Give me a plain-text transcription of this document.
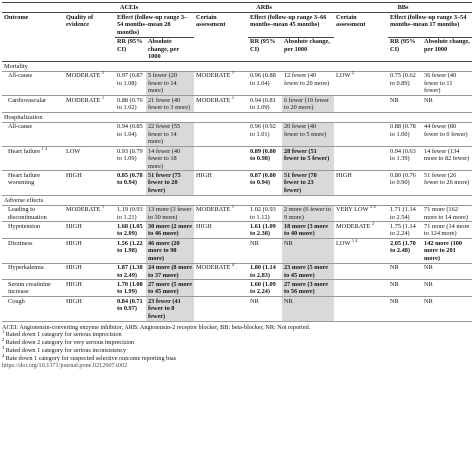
	ACEIs			ARBs			BBs		
Outcome	Quality of evidence	Effect (follow-up range 3–54 months–mean 28 months)		Certain assessment	Effect (follow-up range 3–66 months–mean 45 months)		Certain assessment	Effect (follow-up range 3–54 months–mean 17 months)	
		RR (95% CI)	Absolute change, per 1000		RR (95% CI)	Absolute change, per 1000		RR (95% CI)	Absolute change, per 1000
Mortality									
All-cause	MODERATE $^1$	0.97 (0.87 to 1.08)	5 fewer (20 fewer to 14 more)	MODERATE $^1$	0.96 (0.88 to 1.04)	12 fewer (40 fewer to 20 more)	LOW $^2$	0.75 (0.62 to 0.89)	36 fewer (40 fewer to 11 fewer)
Cardiovascular	MODERATE $^1$	0.88 (0.76 to 1.02)	21 fewer (40 fewer to 3 more)	MODERATE $^1$	0.94 (0.81 to 1.09)	6 fewer (19 fewer to 20 more)		NR	NR
Hospitalization									
All-cause		0.94 (0.85 to 1.04)	22 fewer (55 fewer to 14 more)		0.96 (0.92 to 1.01)	20 fewer (40 fewer to 5 more)		0.88 (0.78 to 1.00)	44 fewer (80 fewer to 0 fewer)
Heart failure $^{1 3}$	LOW	0.93 (0.79 to 1.09)	14 fewer (40 fewer to 18 more)		0.89 (0.80 to 0.98)	28 fewer (51 fewer to 5 fewer)		0.94 (0.63 to 1.39)	14 fewer (134 more to 82 fewer)
Heart failure worsening	HIGH	0.85 (0.78 to 0.94)	51 fewer (75 fewer to 20 fewer)	HIGH	0.87 (0.80 to 0.94)	51 fewer (78 fewer to 23 fewer)	HIGH	0.80 (0.76 to 0.90)	51 fewer (26 fewer to 26 more)
Adverse effects									
Leading to discontinuation	MODERATE $^1$	1.19 (0.93 to 1.21)	13 more (3 fewer to 30 more)	MODERATE $^1$	1.02 (0.93 to 1.12)	2 more (6 fewer to 9 more)	VERY LOW $^{2 4}$	1.71 (1.14 to 2.54)	71 more (162 more to 14 more)
Hypotension	HIGH	1.68 (1.05 to 2.09)	30 more (2 more to 46 more)	HIGH	1.61 (1.09 to 2.38)	18 more (3 more to 40 more)	MODERATE $^2$	1.75 (1.14 to 2.24)	71 more (14 more to 124 more)
Dizziness	HIGH	1.56 (1.22 to 1.98)	46 more (20 more to 98 more)		NR	NR	LOW $^{1 4}$	2.05 (1.70 to 2.48)	142 more (100 more to 201 more)
Hyperkalemia	HIGH	1.87 (1.38 to 2.49)	24 more (8 more to 37 more)	MODERATE $^4$	1.80 (1.14 to 2.83)	23 more (5 more to 45 more)		NR	NR
Serum creatinine increase	HIGH	1.70 (1.08 to 1.99)	27 more (5 more to 45 more)		1.60 (1.09 to 2.24)	27 more (3 more to 56 more)		NR	NR
Cough	HIGH	0.84 (0.71 to 0.97)	23 fewer (41 fewer to 8 fewer)		NR	NR		NR	NR
ACEI: Angiotensin-converting enzyme inhibitor, ARB: Angiotensin-2 receptor blocker, BB: beta-blocker, NR: Not reported.
$^1$ Rated down 1 category for serious imprecision
$^2$ Rated down 2 category for very serious imprecision
$^3$ Rated down 1 category for serious inconsistency
$^4$ Rate down 1 category for suspected selective outcome reporting bias
https://doi.org/10.1371/journal.pone.0212907.t002
